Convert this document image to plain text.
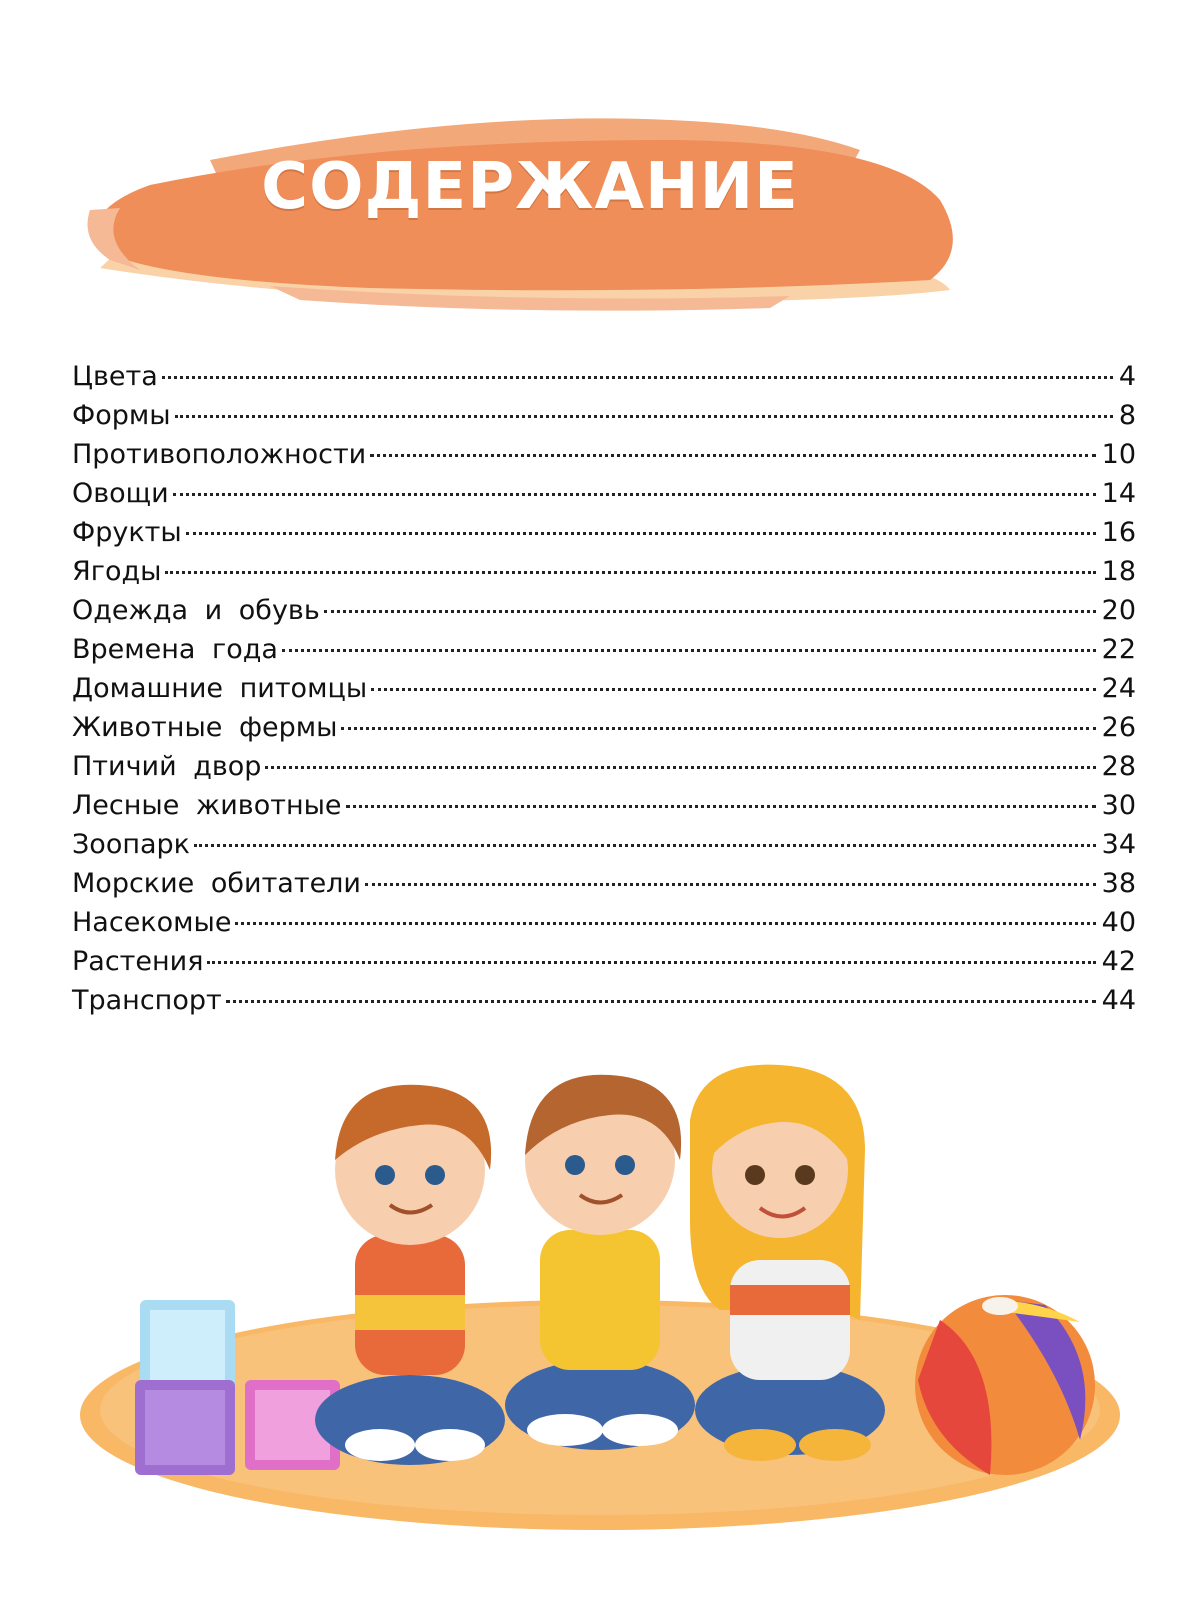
СОДЕРЖАНИЕ
Цвета	4
Формы	8
Противоположности	10
Овощи	14
Фрукты	16
Ягоды	18
Одежда и обувь	20
Времена года	22
Домашние питомцы	24
Животные фермы	26
Птичий двор	28
Лесные животные	30
Зоопарк	34
Морские обитатели	38
Насекомые	40
Растения	42
Транспорт	44
